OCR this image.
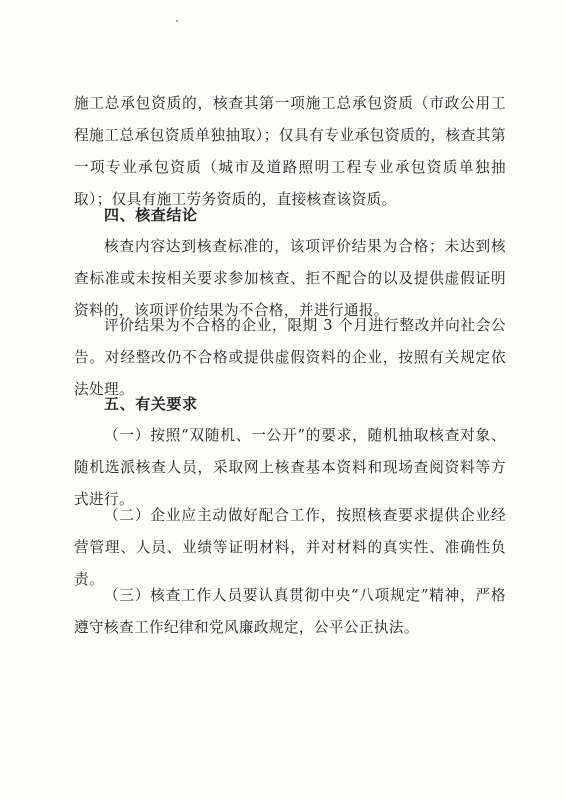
施工总承包资质的，核查其第一项施工总承包资质（市政公用工程施工总承包资质单独抽取）；仅具有专业承包资质的，核查其第一项专业承包资质（城市及道路照明工程专业承包资质单独抽取）；仅具有施工劳务资质的，直接核查该资质。

四、核查结论

核查内容达到核查标准的，该项评价结果为合格；未达到核查标准或未按相关要求参加核查、拒不配合的以及提供虚假证明资料的，该项评价结果为不合格，并进行通报。

评价结果为不合格的企业，限期 3 个月进行整改并向社会公告。对经整改仍不合格或提供虚假资料的企业，按照有关规定依法处理。

五、有关要求

（一）按照“双随机、一公开”的要求，随机抽取核查对象、随机选派核查人员，采取网上核查基本资料和现场查阅资料等方式进行。

（二）企业应主动做好配合工作，按照核查要求提供企业经营管理、人员、业绩等证明材料，并对材料的真实性、准确性负责。

（三）核查工作人员要认真贯彻中央“八项规定”精神，严格遵守核查工作纪律和党风廉政规定，公平公正执法。
